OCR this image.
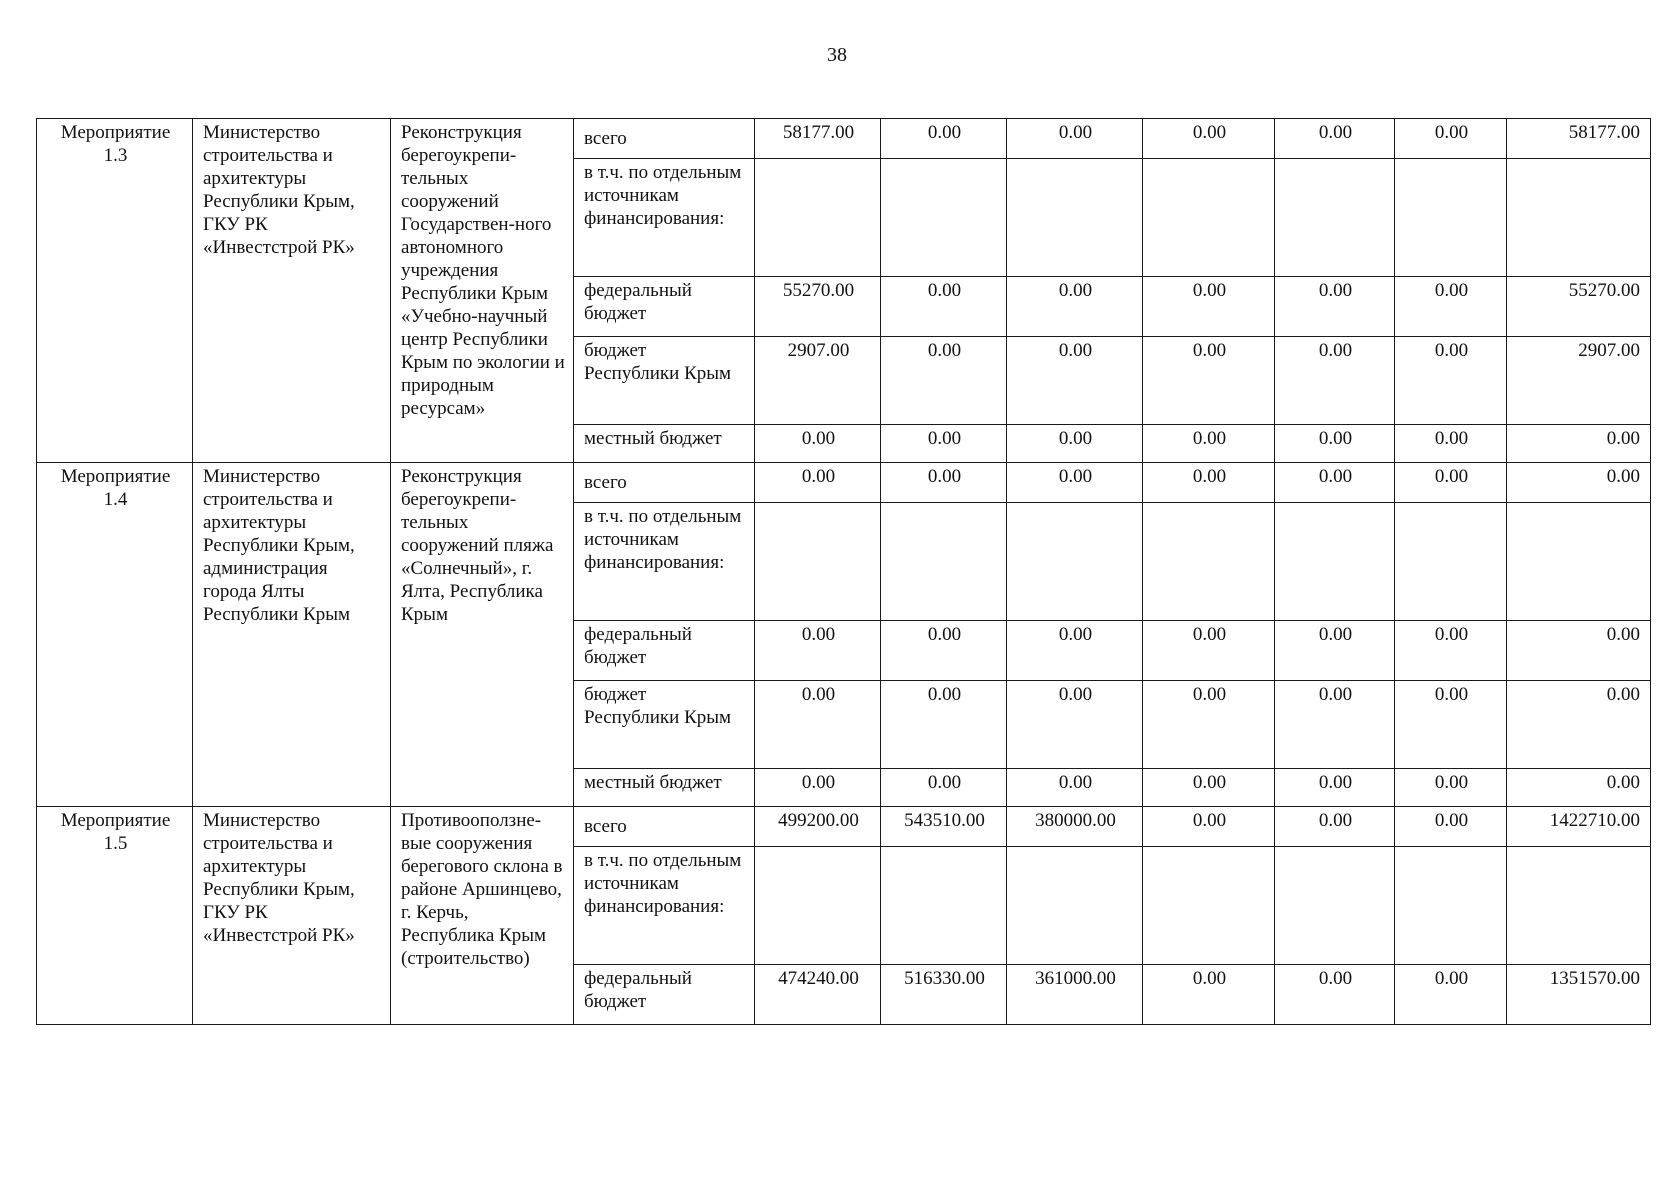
38
Мероприятие 1.3	Министерство строительства и архитектуры Республики Крым, ГКУ РК «Инвестстрой РК»	Реконструкция берегоукрепи-тельных сооружений Государствен-ного автономного учреждения Республики Крым «Учебно-научный центр Республики Крым по экологии и природным ресурсам»	всего	58177.00	0.00	0.00	0.00	0.00	0.00	58177.00
			в т.ч. по отдельным источникам финансирования:							
			федеральный бюджет	55270.00	0.00	0.00	0.00	0.00	0.00	55270.00
			бюджет Республики Крым	2907.00	0.00	0.00	0.00	0.00	0.00	2907.00
			местный бюджет	0.00	0.00	0.00	0.00	0.00	0.00	0.00
Мероприятие 1.4	Министерство строительства и архитектуры Республики Крым, администрация города Ялты Республики Крым	Реконструкция берегоукрепи-тельных сооружений пляжа «Солнечный», г. Ялта, Республика Крым	всего	0.00	0.00	0.00	0.00	0.00	0.00	0.00
			в т.ч. по отдельным источникам финансирования:							
			федеральный бюджет	0.00	0.00	0.00	0.00	0.00	0.00	0.00
			бюджет Республики Крым	0.00	0.00	0.00	0.00	0.00	0.00	0.00
			местный бюджет	0.00	0.00	0.00	0.00	0.00	0.00	0.00
Мероприятие 1.5	Министерство строительства и архитектуры Республики Крым, ГКУ РК «Инвестстрой РК»	Противооползне-вые сооружения берегового склона в районе Аршинцево, г. Керчь, Республика Крым (строительство)	всего	499200.00	543510.00	380000.00	0.00	0.00	0.00	1422710.00
			в т.ч. по отдельным источникам финансирования:							
			федеральный бюджет	474240.00	516330.00	361000.00	0.00	0.00	0.00	1351570.00
